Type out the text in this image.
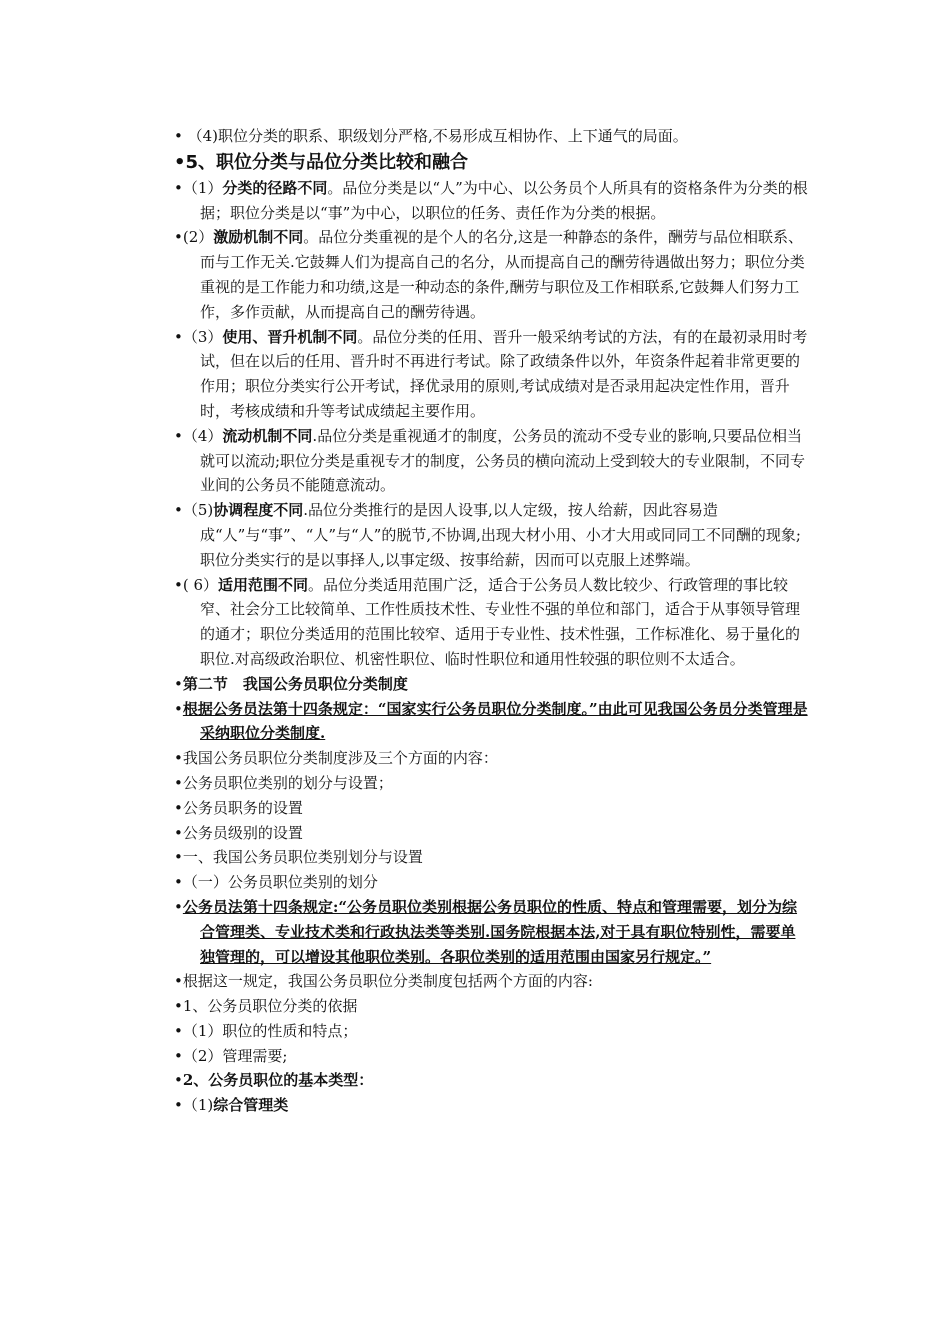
• （4)职位分类的职系、职级划分严格,不易形成互相协作、上下通气的局面。
•5、职位分类与品位分类比较和融合
•（1）分类的径路不同。品位分类是以“人”为中心、以公务员个人所具有的资格条件为分类的根据；职位分类是以“事”为中心，以职位的任务、责任作为分类的根据。
•(2）激励机制不同。品位分类重视的是个人的名分,这是一种静态的条件，酬劳与品位相联系、而与工作无关.它鼓舞人们为提高自己的名分，从而提高自己的酬劳待遇做出努力；职位分类重视的是工作能力和功绩,这是一种动态的条件,酬劳与职位及工作相联系,它鼓舞人们努力工作，多作贡献，从而提高自己的酬劳待遇。
•（3）使用、晋升机制不同。品位分类的任用、晋升一般采纳考试的方法，有的在最初录用时考试，但在以后的任用、晋升时不再进行考试。除了政绩条件以外，年资条件起着非常更要的作用；职位分类实行公开考试，择优录用的原则,考试成绩对是否录用起决定性作用，晋升时，考核成绩和升等考试成绩起主要作用。
•（4）流动机制不同.品位分类是重视通才的制度，公务员的流动不受专业的影响,只要品位相当就可以流动;职位分类是重视专才的制度，公务员的横向流动上受到较大的专业限制，不同专业间的公务员不能随意流动。
•（5)协调程度不同.品位分类推行的是因人设事,以人定级，按人给薪，因此容易造成“人”与“事”、“人”与“人”的脱节,不协调,出现大材小用、小才大用或同同工不同酬的现象;职位分类实行的是以事择人,以事定级、按事给薪，因而可以克服上述弊端。
•( 6）适用范围不同。品位分类适用范围广泛，适合于公务员人数比较少、行政管理的事比较窄、社会分工比较简单、工作性质技术性、专业性不强的单位和部门，适合于从事领导管理的通才；职位分类适用的范围比较窄、适用于专业性、技术性强，工作标准化、易于量化的职位.对高级政治职位、机密性职位、临时性职位和通用性较强的职位则不太适合。
•第二节　我国公务员职位分类制度
•根据公务员法第十四条规定：“国家实行公务员职位分类制度。”由此可见我国公务员分类管理是采纳职位分类制度.
•我国公务员职位分类制度涉及三个方面的内容：
•公务员职位类别的划分与设置；
•公务员职务的设置
•公务员级别的设置
•一、我国公务员职位类别划分与设置
•（一）公务员职位类别的划分
•公务员法第十四条规定:“公务员职位类别根据公务员职位的性质、特点和管理需要，划分为综合管理类、专业技术类和行政执法类等类别.国务院根据本法,对于具有职位特别性，需要单独管理的，可以增设其他职位类别。各职位类别的适用范围由国家另行规定。”
•根据这一规定，我国公务员职位分类制度包括两个方面的内容:
•1、公务员职位分类的依据
•（1）职位的性质和特点；
•（2）管理需要;
•2、公务员职位的基本类型：
•（1)综合管理类
